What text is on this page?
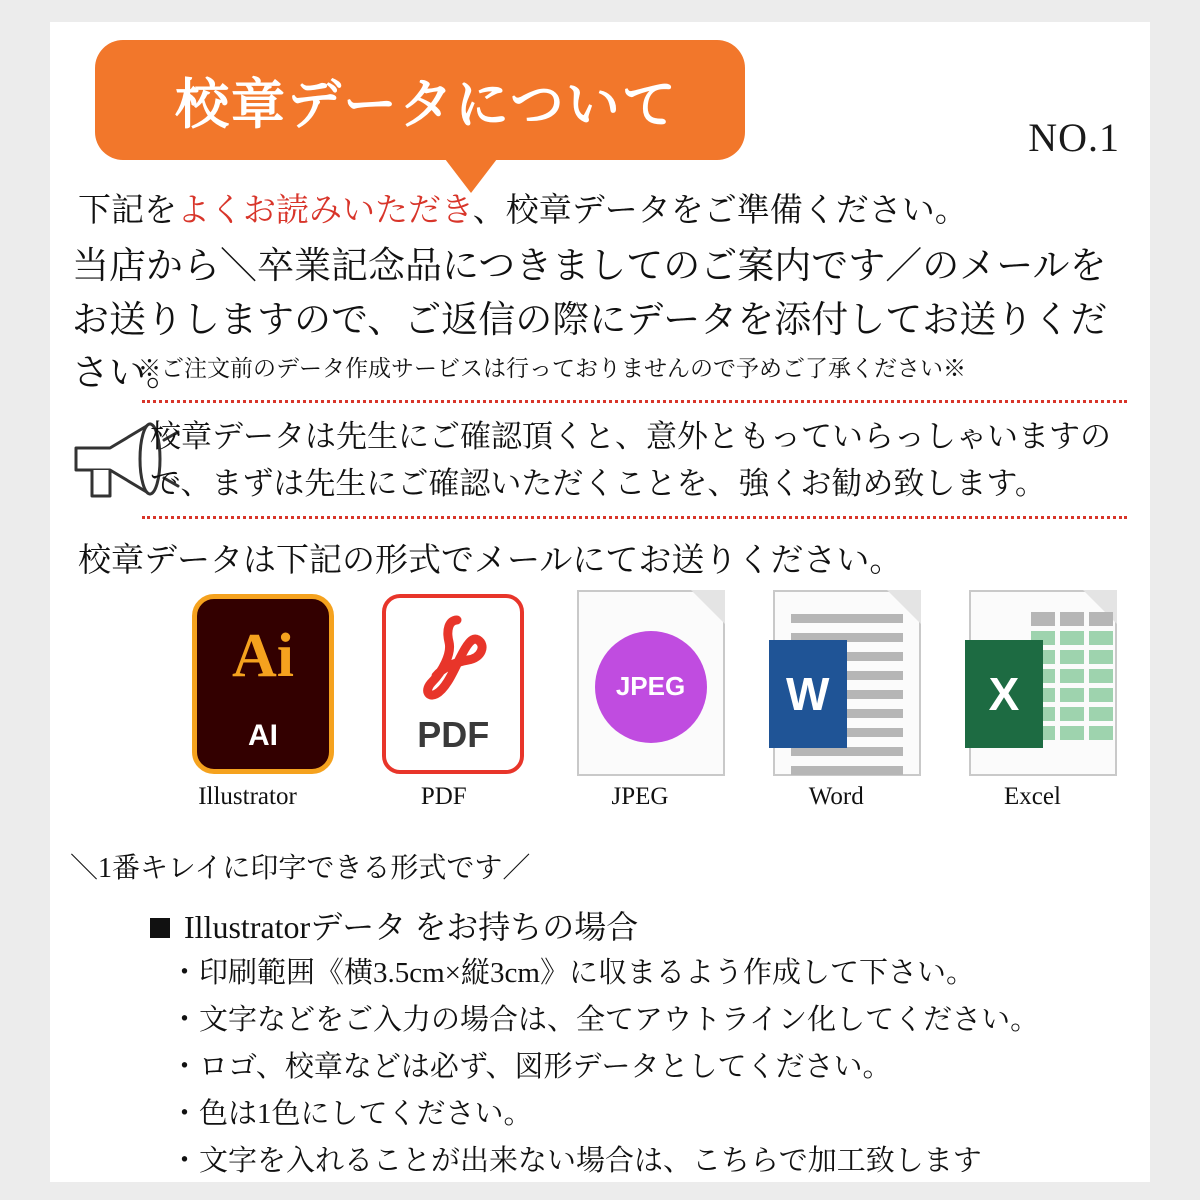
校章データについて
NO.1
下記をよくお読みいただき、校章データをご準備ください。
当店から＼卒業記念品につきましてのご案内です／のメールをお送りしますので、ご返信の際にデータを添付してお送りください。
※ご注文前のデータ作成サービスは行っておりませんので予めご了承ください※
校章データは先生にご確認頂くと、意外ともっていらっしゃいますの
で、まずは先生にご確認いただくことを、強くお勧め致します。
校章データは下記の形式でメールにてお送りください。
Ai
AI
Illustrator
PDF
PDF
JPEG
JPEG
W
Word
X
Excel
＼1番キレイに印字できる形式です／
Illustratorデータ をお持ちの場合
・印刷範囲《横3.5cm×縦3cm》に収まるよう作成して下さい。
・文字などをご入力の場合は、全てアウトライン化してください。
・ロゴ、校章などは必ず、図形データとしてください。
・色は1色にしてください。
・文字を入れることが出来ない場合は、こちらで加工致します
